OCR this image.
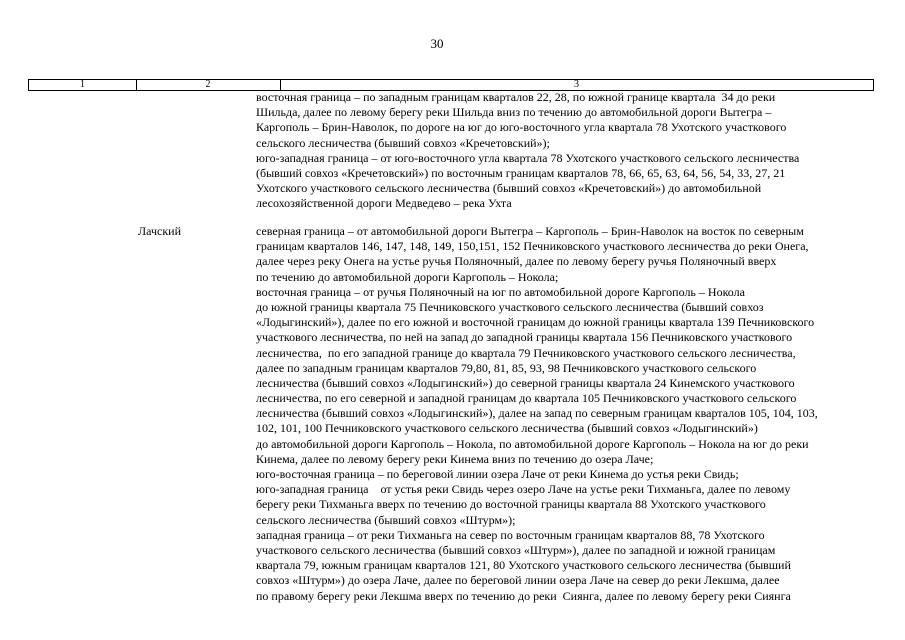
30
1	2	3
восточная граница – по западным границам кварталов 22, 28, по южной границе квартала  34 до реки
Шильда, далее по левому берегу реки Шильда вниз по течению до автомобильной дороги Вытегра –
Каргополь – Брин-Наволок, по дороге на юг до юго-восточного угла квартала 78 Ухотского участкового
сельского лесничества (бывший совхоз «Кречетовский»);
юго-западная граница – от юго-восточного угла квартала 78 Ухотского участкового сельского лесничества
(бывший совхоз «Кречетовский») по восточным границам кварталов 78, 66, 65, 63, 64, 56, 54, 33, 27, 21
Ухотского участкового сельского лесничества (бывший совхоз «Кречетовский») до автомобильной
лесохозяйственной дороги Медведево – река Ухта
Лачский	северная граница – от автомобильной дороги Вытегра – Каргополь – Брин-Наволок на восток по северным
границам кварталов 146, 147, 148, 149, 150,151, 152 Печниковского участкового лесничества до реки Онега,
далее через реку Онега на устье ручья Поляночный, далее по левому берегу ручья Поляночный вверх
по течению до автомобильной дороги Каргополь – Нокола;
восточная граница – от ручья Поляночный на юг по автомобильной дороге Каргополь – Нокола
до южной границы квартала 75 Печниковского участкового сельского лесничества (бывший совхоз
«Лодыгинский»), далее по его южной и восточной границам до южной границы квартала 139 Печниковского
участкового лесничества, по ней на запад до западной границы квартала 156 Печниковского участкового
лесничества,  по его западной границе до квартала 79 Печниковского участкового сельского лесничества,
далее по западным границам кварталов 79,80, 81, 85, 93, 98 Печниковского участкового сельского
лесничества (бывший совхоз «Лодыгинский») до северной границы квартала 24 Кинемского участкового
лесничества, по его северной и западной границам до квартала 105 Печниковского участкового сельского
лесничества (бывший совхоз «Лодыгинский»), далее на запад по северным границам кварталов 105, 104, 103,
102, 101, 100 Печниковского участкового сельского лесничества (бывший совхоз «Лодыгинский»)
до автомобильной дороги Каргополь – Нокола, по автомобильной дороге Каргополь – Нокола на юг до реки
Кинема, далее по левому берегу реки Кинема вниз по течению до озера Лаче;
юго-восточная граница – по береговой линии озера Лаче от реки Кинема до устья реки Свидь;
юго-западная граница    от устья реки Свидь через озеро Лаче на устье реки Тихманьга, далее по левому
берегу реки Тихманьга вверх по течению до восточной границы квартала 88 Ухотского участкового
сельского лесничества (бывший совхоз «Штурм»);
западная граница – от реки Тихманьга на север по восточным границам кварталов 88, 78 Ухотского
участкового сельского лесничества (бывший совхоз «Штурм»), далее по западной и южной границам
квартала 79, южным границам кварталов 121, 80 Ухотского участкового сельского лесничества (бывший
совхоз «Штурм») до озера Лаче, далее по береговой линии озера Лаче на север до реки Лекшма, далее
по правому берегу реки Лекшма вверх по течению до реки  Сиянга, далее по левому берегу реки Сиянга
